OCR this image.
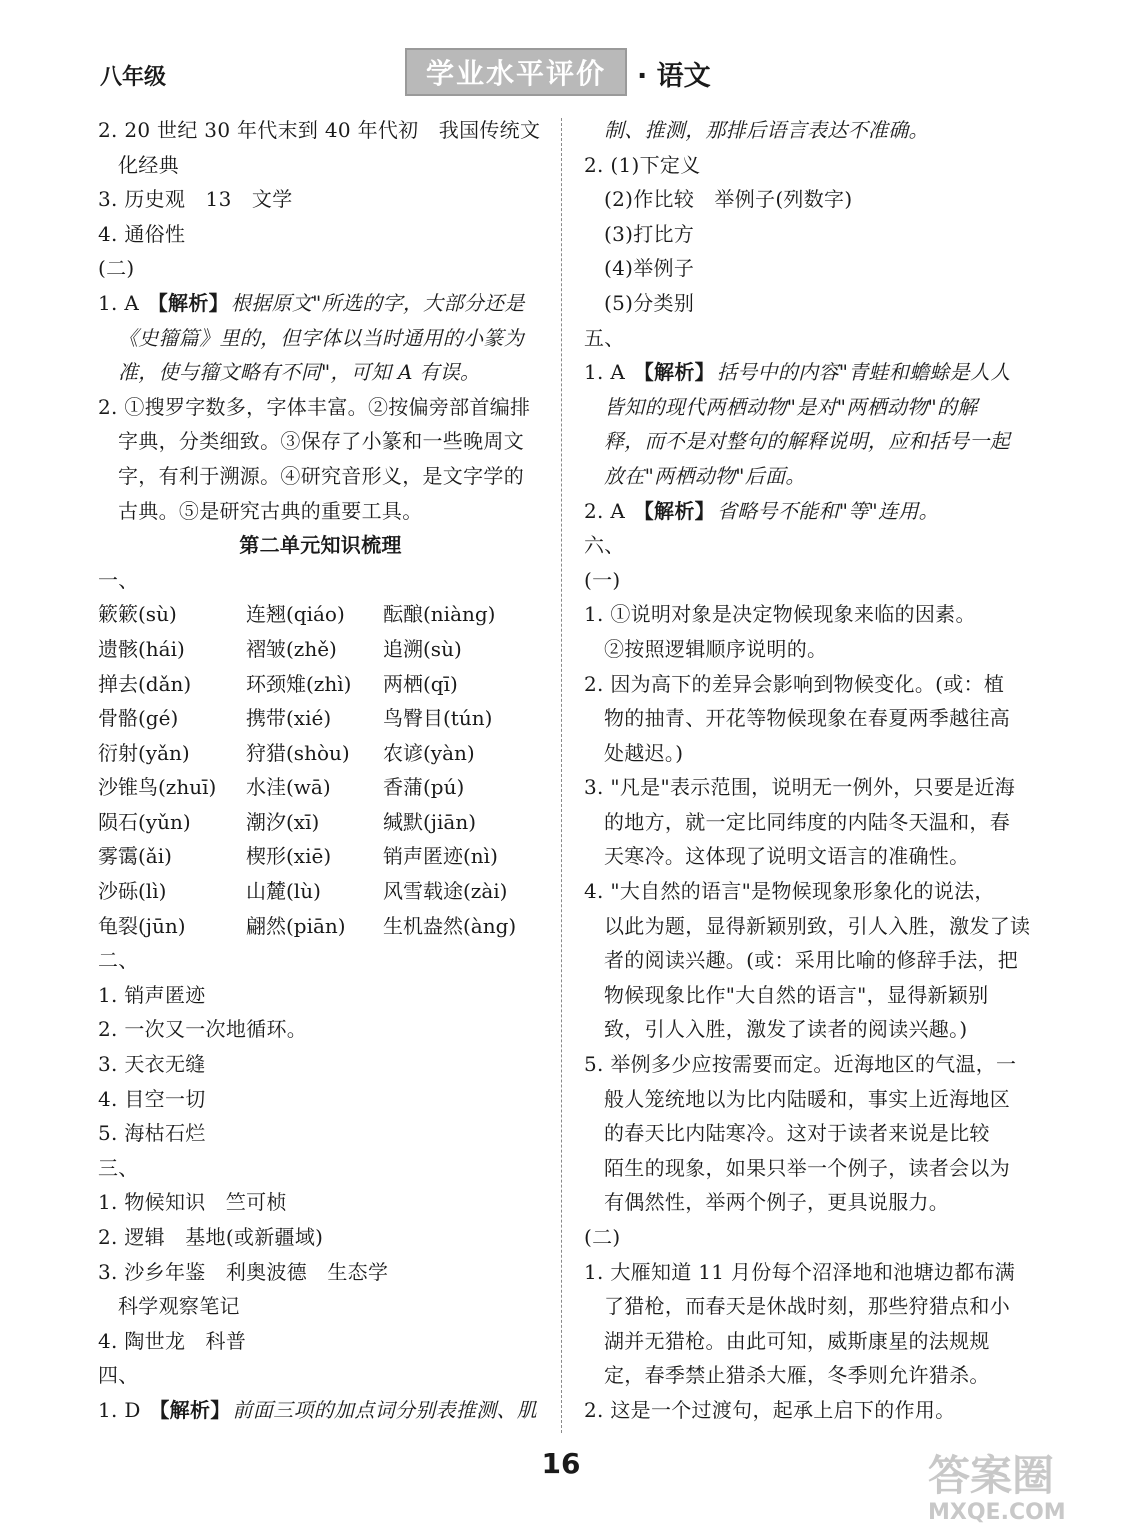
八年级	学业水平评价	· 语文
2. 20 世纪 30 年代末到 40 年代初　我国传统文
化经典
3. 历史观　13　文学
4. 通俗性
(二)
1. A 【解析】 根据原文"所选的字，大部分还是
《史籀篇》里的，但字体以当时通用的小篆为
准，使与籀文略有不同"，可知 A 有误。
2. ①搜罗字数多，字体丰富。②按偏旁部首编排
字典，分类细致。③保存了小篆和一些晚周文
字，有利于溯源。④研究音形义，是文字学的
古典。⑤是研究古典的重要工具。
第二单元知识梳理
一、
簌簌(sù)	连翘(qiáo)	酝酿(niàng)
遗骸(hái)	褶皱(zhě)	追溯(sù)
掸去(dǎn)	环颈雉(zhì)	两栖(qī)
骨骼(gé)	携带(xié)	鸟臀目(tún)
衍射(yǎn)	狩猎(shòu)	农谚(yàn)
沙锥鸟(zhuī)	水洼(wā)	香蒲(pú)
陨石(yǔn)	潮汐(xī)	缄默(jiān)
雾霭(ǎi)	楔形(xiē)	销声匿迹(nì)
沙砾(lì)	山麓(lù)	风雪载途(zài)
龟裂(jūn)	翩然(piān)	生机盎然(àng)
二、
1. 销声匿迹
2. 一次又一次地循环。
3. 天衣无缝
4. 目空一切
5. 海枯石烂
三、
1. 物候知识　竺可桢
2. 逻辑　基地(或新疆域)
3. 沙乡年鉴　利奥波德　生态学
科学观察笔记
4. 陶世龙　科普
四、
1. D 【解析】 前面三项的加点词分别表推测、肌
制、推测，那排后语言表达不准确。
2. (1)下定义
(2)作比较　举例子(列数字)
(3)打比方
(4)举例子
(5)分类别
五、
1. A 【解析】 括号中的内容"青蛙和蟾蜍是人人
皆知的现代两栖动物"是对"两栖动物"的解
释，而不是对整句的解释说明，应和括号一起
放在"两栖动物"后面。
2. A 【解析】 省略号不能和"等"连用。
六、
(一)
1. ①说明对象是决定物候现象来临的因素。
②按照逻辑顺序说明的。
2. 因为高下的差异会影响到物候变化。(或：植
物的抽青、开花等物候现象在春夏两季越往高
处越迟。)
3. "凡是"表示范围，说明无一例外，只要是近海
的地方，就一定比同纬度的内陆冬天温和，春
天寒冷。这体现了说明文语言的准确性。
4. "大自然的语言"是物候现象形象化的说法，
以此为题，显得新颖别致，引人入胜，激发了读
者的阅读兴趣。(或：采用比喻的修辞手法，把
物候现象比作"大自然的语言"，显得新颖别
致，引人入胜，激发了读者的阅读兴趣。)
5. 举例多少应按需要而定。近海地区的气温，一
般人笼统地以为比内陆暖和，事实上近海地区
的春天比内陆寒冷。这对于读者来说是比较
陌生的现象，如果只举一个例子，读者会以为
有偶然性，举两个例子，更具说服力。
(二)
1. 大雁知道 11 月份每个沼泽地和池塘边都布满
了猎枪，而春天是休战时刻，那些狩猎点和小
湖并无猎枪。由此可知，威斯康星的法规规
定，春季禁止猎杀大雁，冬季则允许猎杀。
2. 这是一个过渡句，起承上启下的作用。
16	答案圈
MXQE.COM
